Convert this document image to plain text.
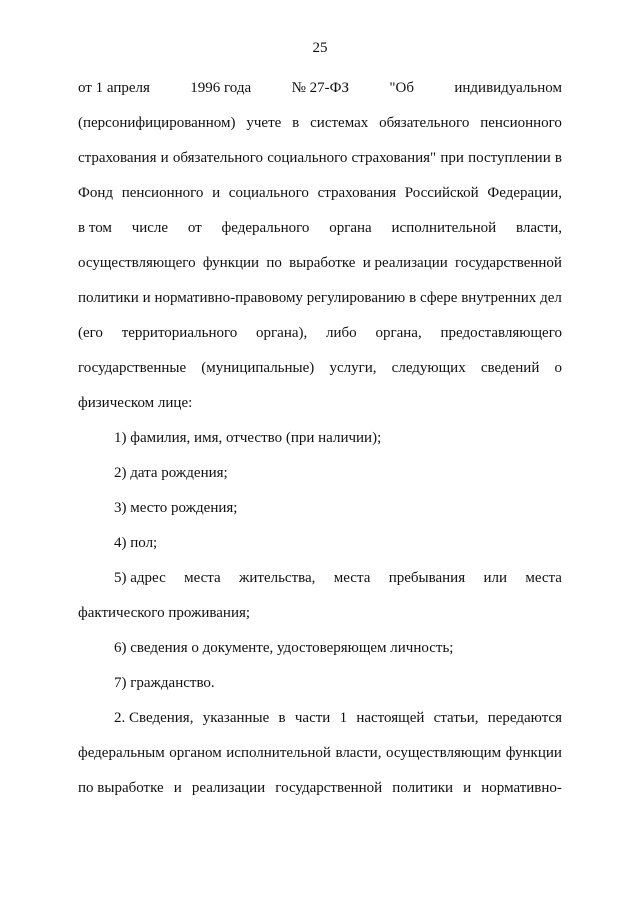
25
от 1 апреля	1996 года	№ 27-ФЗ	"Об	индивидуальном
(персонифицированном) учете в системах обязательного пенсионного
страхования и обязательного социального страхования" при поступлении в
Фонд пенсионного и социального страхования Российской Федерации,
в том числе от федерального органа исполнительной власти,
осуществляющего функции по выработке и реализации государственной
политики и нормативно-правовому регулированию в сфере внутренних дел
(его территориального органа), либо органа, предоставляющего
государственные (муниципальные) услуги, следующих сведений о
физическом лице:
1) фамилия, имя, отчество (при наличии);
2) дата рождения;
3) место рождения;
4) пол;
5) адрес места жительства, места пребывания или места
фактического проживания;
6) сведения о документе, удостоверяющем личность;
7) гражданство.
2. Сведения, указанные в части 1 настоящей статьи, передаются
федеральным органом исполнительной власти, осуществляющим функции
по выработке и реализации государственной политики и нормативно-
